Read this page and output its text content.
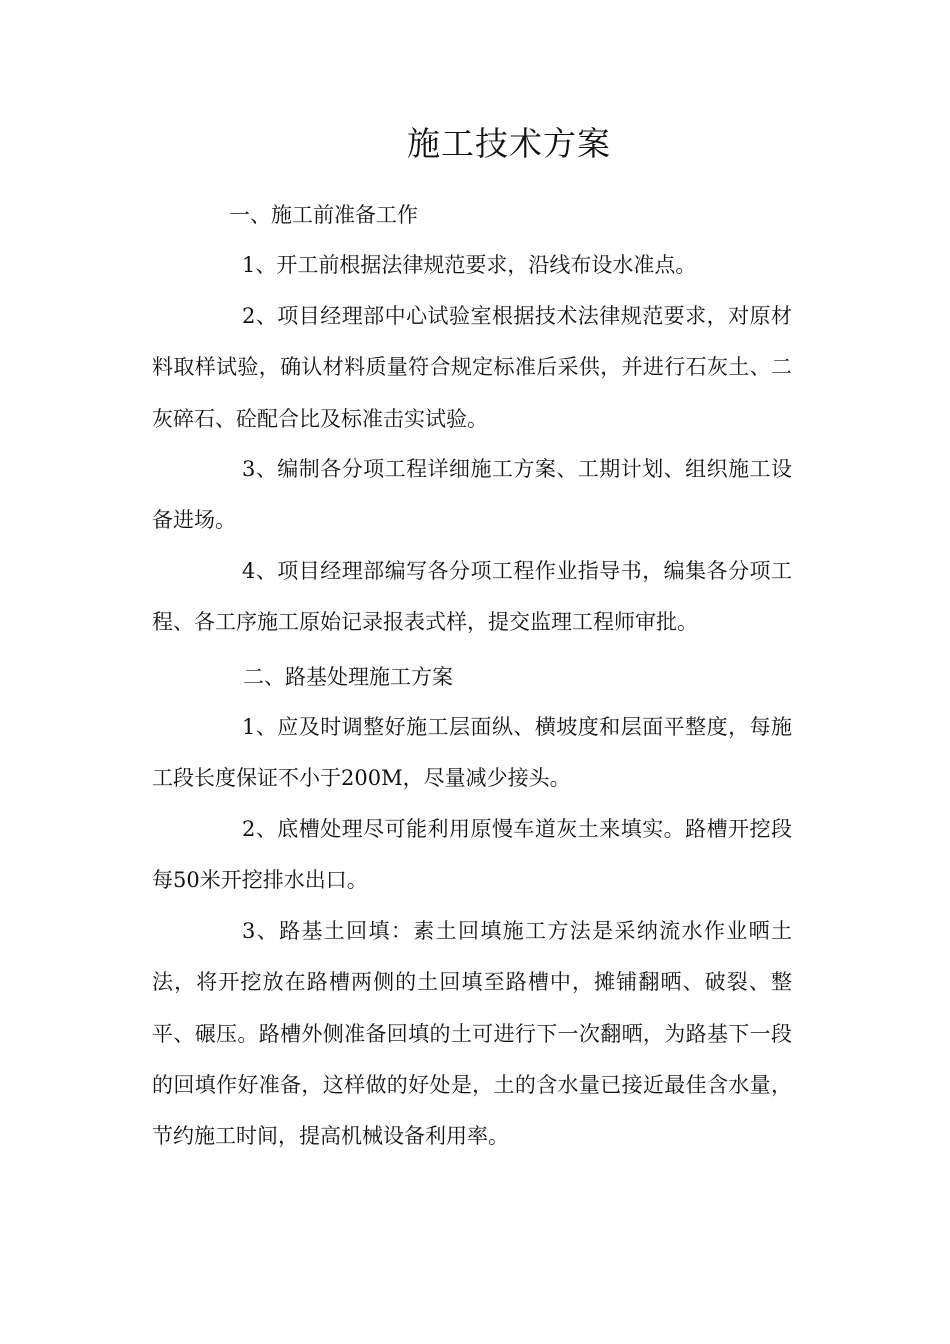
施工技术方案
一、施工前准备工作
1、开工前根据法律规范要求，沿线布设水准点。
2、项目经理部中心试验室根据技术法律规范要求，对原材料取样试验，确认材料质量符合规定标准后采供，并进行石灰土、二灰碎石、砼配合比及标准击实试验。
3、编制各分项工程详细施工方案、工期计划、组织施工设备进场。
4、项目经理部编写各分项工程作业指导书，编集各分项工程、各工序施工原始记录报表式样，提交监理工程师审批。
二、路基处理施工方案
1、应及时调整好施工层面纵、横坡度和层面平整度，每施工段长度保证不小于200M，尽量减少接头。
2、底槽处理尽可能利用原慢车道灰土来填实。路槽开挖段每50米开挖排水出口。
3、路基土回填：素土回填施工方法是采纳流水作业晒土法，将开挖放在路槽两侧的土回填至路槽中，摊铺翻晒、破裂、整平、碾压。路槽外侧准备回填的土可进行下一次翻晒，为路基下一段的回填作好准备，这样做的好处是，土的含水量已接近最佳含水量，节约施工时间，提高机械设备利用率。
